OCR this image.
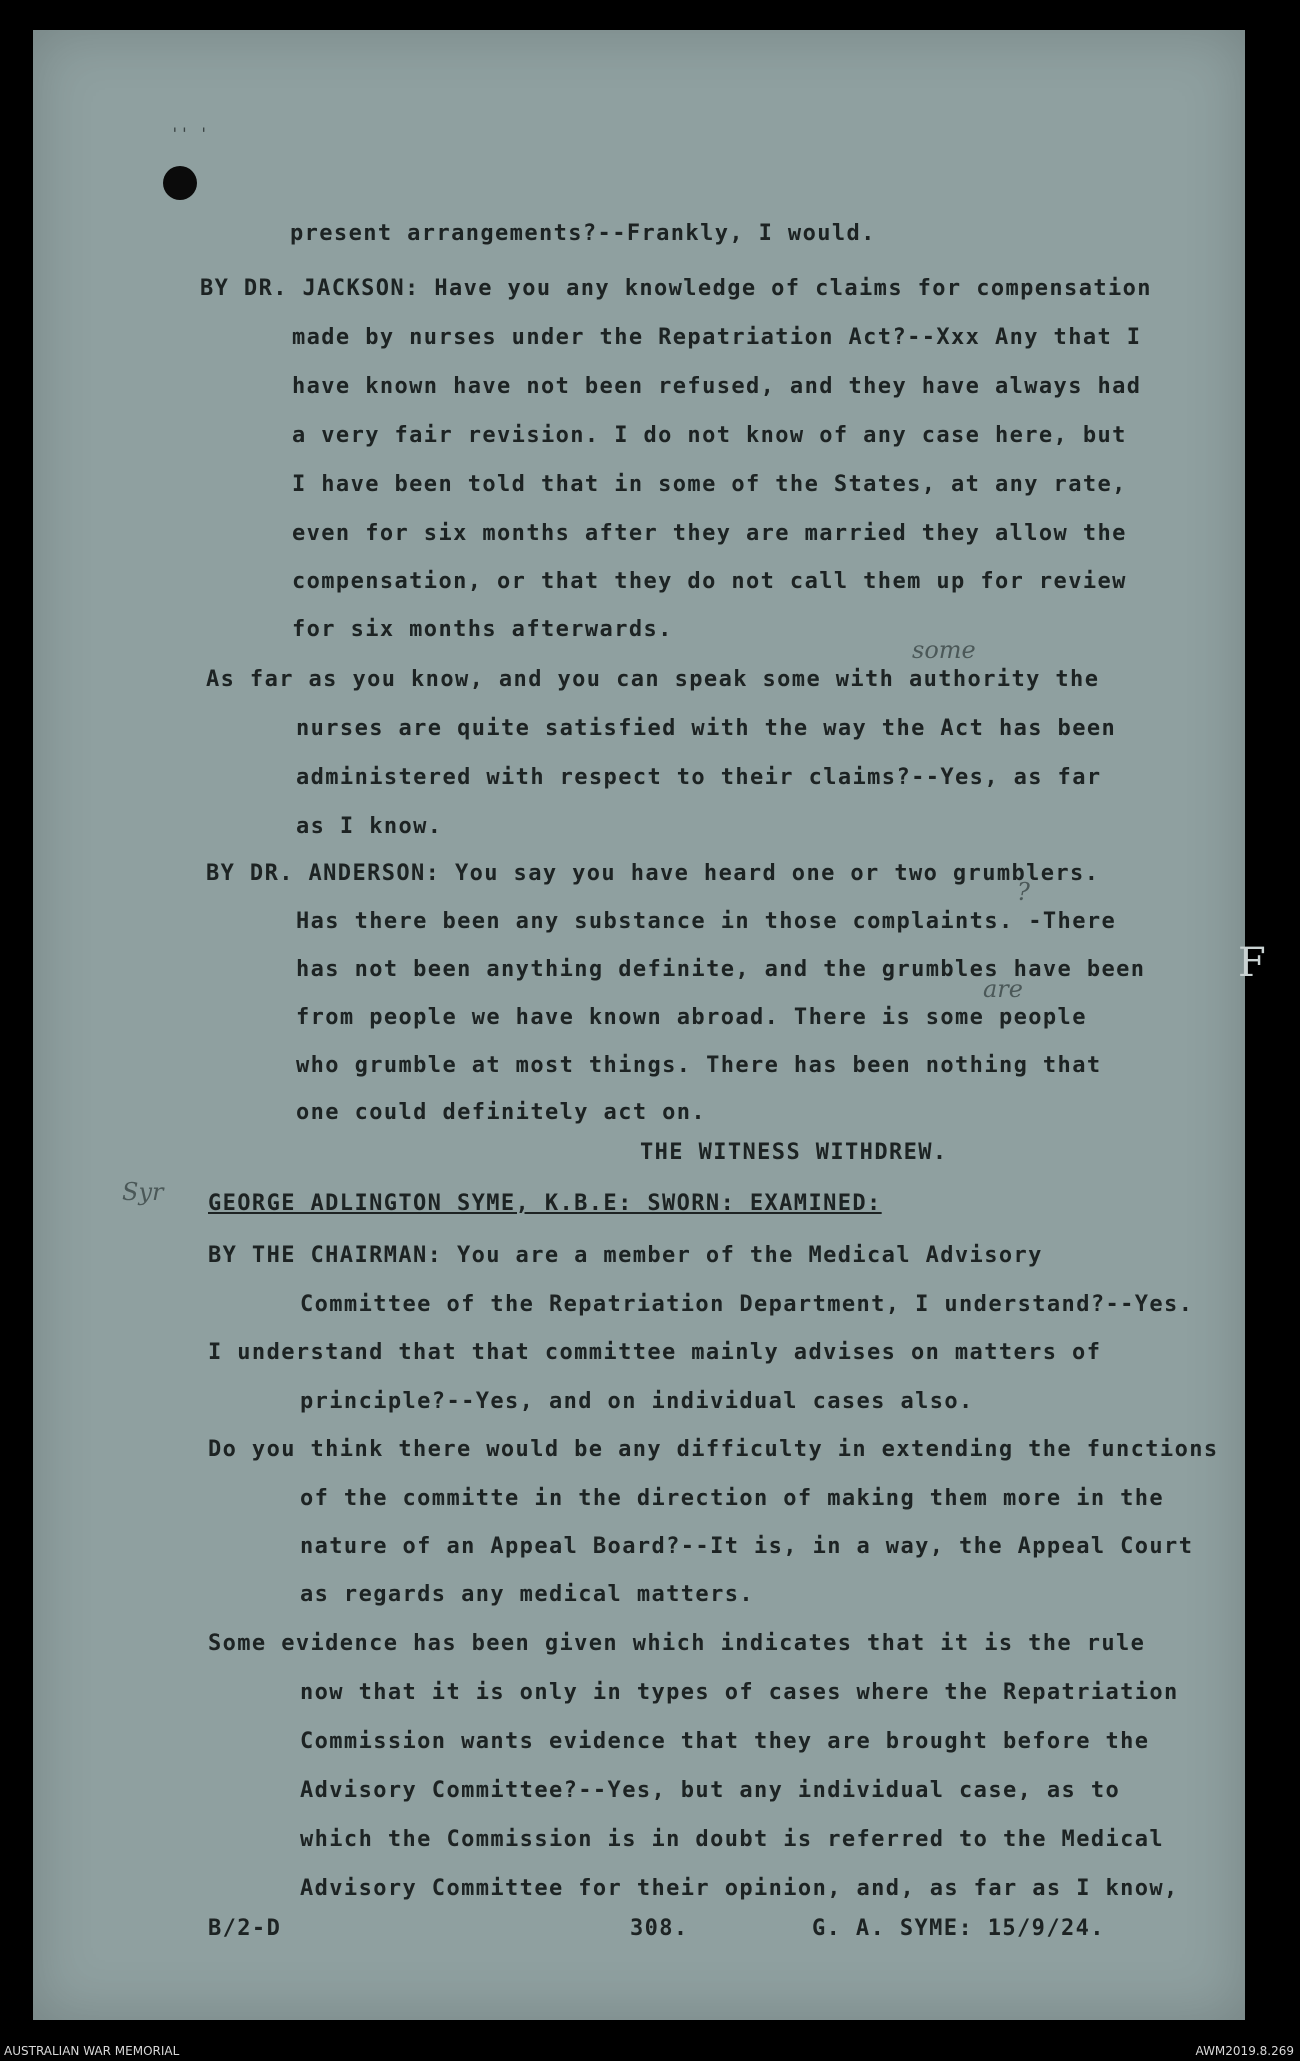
'' '
F
present arrangements?--Frankly, I would.
BY DR. JACKSON: Have you any knowledge of claims for compensation
made by nurses under the Repatriation Act?--Xxx Any that I
have known have not been refused, and they have always had
a very fair revision. I do not know of any case here, but
I have been told that in some of the States, at any rate,
even for six months after they are married they allow the
compensation, or that they do not call them up for review
for six months afterwards.
As far as you know, and you can speak some with authority the
nurses are quite satisfied with the way the Act has been
administered with respect to their claims?--Yes, as far
as I know.
BY DR. ANDERSON: You say you have heard one or two grumblers.
Has there been any substance in those complaints. -There
has not been anything definite, and the grumbles have been
from people we have known abroad. There is some people
who grumble at most things. There has been nothing that
one could definitely act on.
THE WITNESS WITHDREW.
GEORGE ADLINGTON SYME, K.B.E: SWORN: EXAMINED:
BY THE CHAIRMAN: You are a member of the Medical Advisory
Committee of the Repatriation Department, I understand?--Yes.
I understand that that committee mainly advises on matters of
principle?--Yes, and on individual cases also.
Do you think there would be any difficulty in extending the functions
of the committe in the direction of making them more in the
nature of an Appeal Board?--It is, in a way, the Appeal Court
as regards any medical matters.
Some evidence has been given which indicates that it is the rule
now that it is only in types of cases where the Repatriation
Commission wants evidence that they are brought before the
Advisory Committee?--Yes, but any individual case, as to
which the Commission is in doubt is referred to the Medical
Advisory Committee for their opinion, and, as far as I know,
some
are
?
Syr
B/2-D	308.	G. A. SYME: 15/9/24.
AUSTRALIAN WAR MEMORIAL	AWM2019.8.269
